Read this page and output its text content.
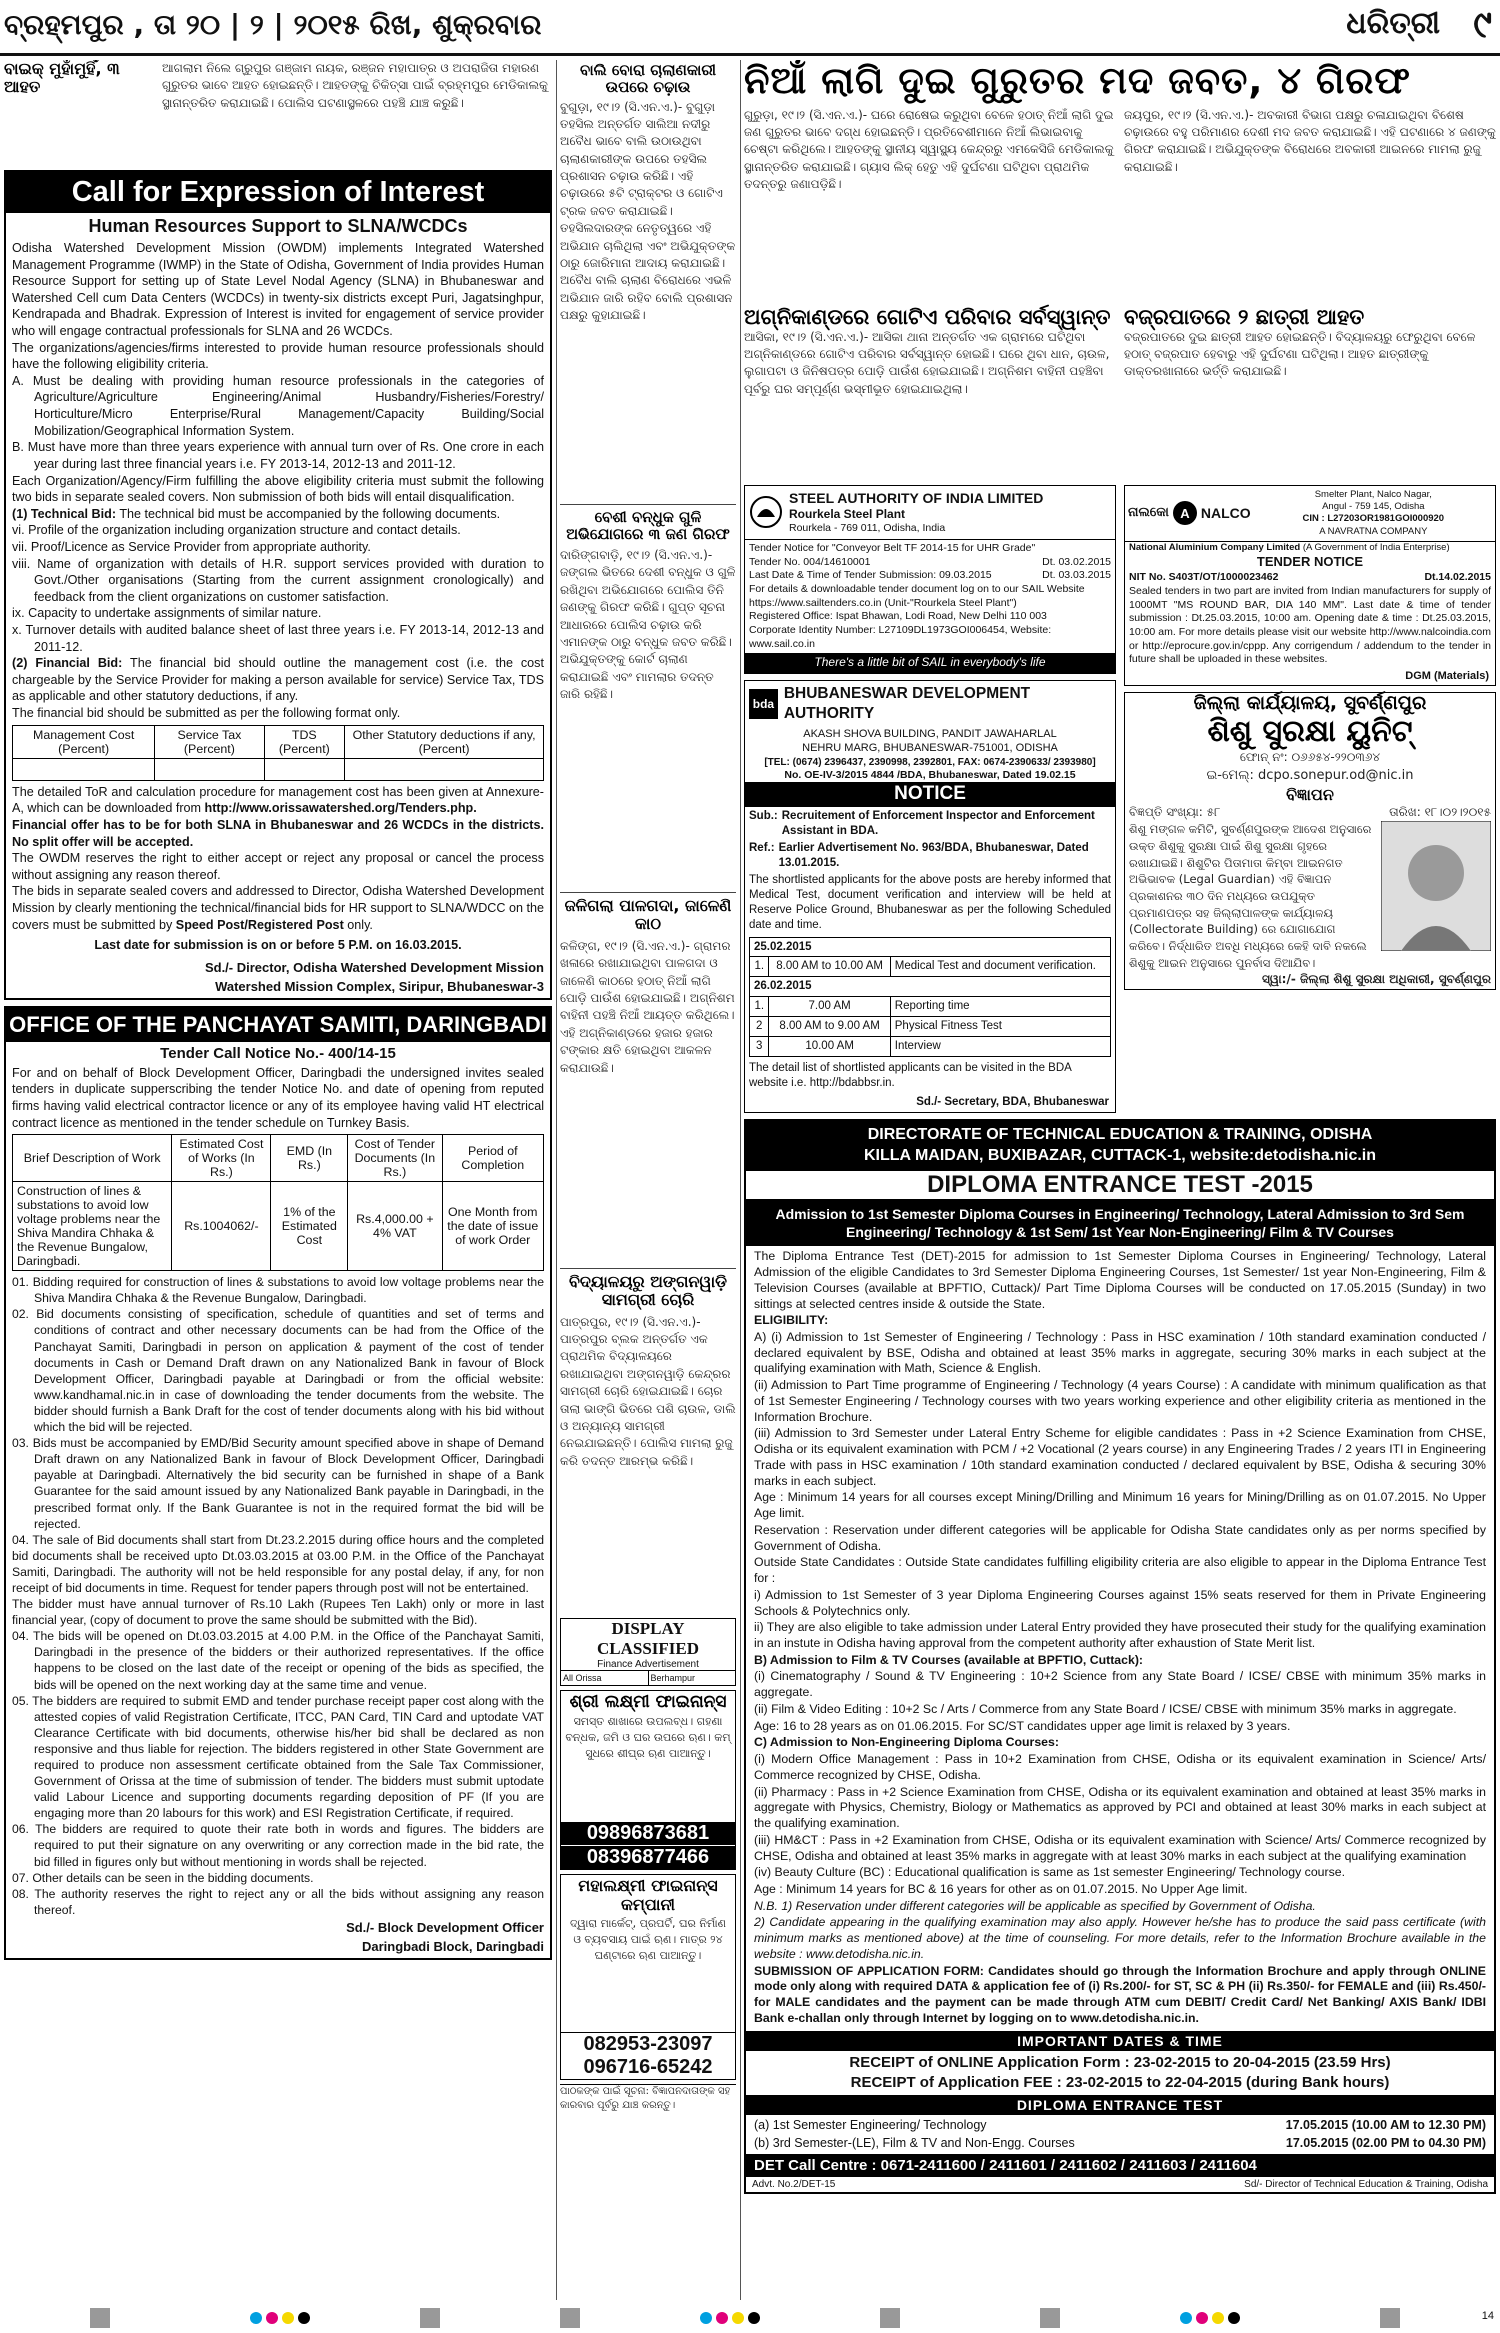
ବ୍ରହ୍ମପୁର , ତା ୨୦ | ୨ | ୨୦୧୫ ରିଖ, ଶୁକ୍ରବାର	ଧରିତ୍ରୀ ୯
ବାଇକ୍ ମୁହାଁମୁହିଁ, ୩ ଆହତ
ଆଗଲାମ ନିଲେ ଗ୍ରୁପୁର ଗଞ୍ଜାମ ନାୟକ, ରଞ୍ଜନ ମହାପାତ୍ର ଓ ଅପରାଜିତା ମହାରଣ ଗୁରୁତର ଭାବେ ଆହତ ହୋଇଛନ୍ତି। ଆହତଙ୍କୁ ଚିକିତ୍ସା ପାଇଁ ବ୍ରହ୍ମପୁର ମେଡିକାଲକୁ ସ୍ଥାନାନ୍ତରିତ କରାଯାଇଛି। ପୋଲିସ ଘଟଣାସ୍ଥଳରେ ପହଞ୍ଚି ଯାଞ୍ଚ କରୁଛି।
Call for Expression of Interest
Human Resources Support to SLNA/WCDCs

Odisha Watershed Development Mission (OWDM) implements Integrated Watershed Management Programme (IWMP) in the State of Odisha, Government of India provides Human Resource Support for setting up of State Level Nodal Agency (SLNA) in Bhubaneswar and Watershed Cell cum Data Centers (WCDCs) in twenty-six districts except Puri, Jagatsinghpur, Kendrapada and Bhadrak. Expression of Interest is invited for engagement of service provider who will engage contractual professionals for SLNA and 26 WCDCs.

The organizations/agencies/firms interested to provide human resource professionals should have the following eligibility criteria.

A. Must be dealing with providing human resource professionals in the categories of Agriculture/Agriculture Engineering/Animal Husbandry/Fisheries/Forestry/ Horticulture/Micro Enterprise/Rural Management/Capacity Building/Social Mobilization/Geographical Information System.

B. Must have more than three years experience with annual turn over of Rs. One crore in each year during last three financial years i.e. FY 2013-14, 2012-13 and 2011-12.

Each Organization/Agency/Firm fulfilling the above eligibility criteria must submit the following two bids in separate sealed covers. Non submission of both bids will entail disqualification.

(1) Technical Bid: The technical bid must be accompanied by the following documents.

vi. Profile of the organization including organization structure and contact details.

vii. Proof/Licence as Service Provider from appropriate authority.

viii. Name of organization with details of H.R. support services provided with duration to Govt./Other organisations (Starting from the current assignment cronologically) and feedback from the client organizations on customer satisfaction.

ix. Capacity to undertake assignments of similar nature.

x. Turnover details with audited balance sheet of last three years i.e. FY 2013-14, 2012-13 and 2011-12.

(2) Financial Bid: The financial bid should outline the management cost (i.e. the cost chargeable by the Service Provider for making a person available for service) Service Tax, TDS as applicable and other statutory deductions, if any.

The financial bid should be submitted as per the following format only.

Management Cost (Percent)	Service Tax (Percent)	TDS (Percent)	Other Statutory deductions if any, (Percent)

The detailed ToR and calculation procedure for management cost has been given at Annexure-A, which can be downloaded from http://www.orissawatershed.org/Tenders.php.

Financial offer has to be for both SLNA in Bhubaneswar and 26 WCDCs in the districts. No split offer will be accepted.

The OWDM reserves the right to either accept or reject any proposal or cancel the process without assigning any reason thereof.

The bids in separate sealed covers and addressed to Director, Odisha Watershed Development Mission by clearly mentioning the technical/financial bids for HR support to SLNA/WDCC on the covers must be submitted by Speed Post/Registered Post only.

Last date for submission is on or before 5 P.M. on 16.03.2015.

Sd./- Director, Odisha Watershed Development Mission
Watershed Mission Complex, Siripur, Bhubaneswar-3
OFFICE OF THE PANCHAYAT SAMITI, DARINGBADI
Tender Call Notice No.- 400/14-15

For and on behalf of Block Development Officer, Daringbadi the undersigned invites sealed tenders in duplicate supperscribing the tender Notice No. and date of opening from reputed firms having valid electrical contractor licence or any of its employee having valid HT electrical contract licence as mentioned in the tender schedule on Turnkey Basis.

Brief Description of Work	Estimated Cost of Works (In Rs.)	EMD (In Rs.)	Cost of Tender Documents (In Rs.)	Period of Completion
Construction of lines & substations to avoid low voltage problems near the Shiva Mandira Chhaka & the Revenue Bungalow, Daringbadi.	Rs.1004062/-	1% of the Estimated Cost	Rs.4,000.00 + 4% VAT	One Month from the date of issue of work Order

01. Bidding required for construction of lines & substations to avoid low voltage problems near the Shiva Mandira Chhaka & the Revenue Bungalow, Daringbadi.

02. Bid documents consisting of specification, schedule of quantities and set of terms and conditions of contract and other necessary documents can be had from the Office of the Panchayat Samiti, Daringbadi in person on application & payment of the cost of tender documents in Cash or Demand Draft drawn on any Nationalized Bank in favour of Block Development Officer, Daringbadi payable at Daringbadi or from the official website: www.kandhamal.nic.in in case of downloading the tender documents from the website. The bidder should furnish a Bank Draft for the cost of tender documents along with his bid without which the bid will be rejected.

03. Bids must be accompanied by EMD/Bid Security amount specified above in shape of Demand Draft drawn on any Nationalized Bank in favour of Block Development Officer, Daringbadi payable at Daringbadi. Alternatively the bid security can be furnished in shape of a Bank Guarantee for the said amount issued by any Nationalized Bank payable in Daringbadi, in the prescribed format only. If the Bank Guarantee is not in the required format the bid will be rejected.

04. The sale of Bid documents shall start from Dt.23.2.2015 during office hours and the completed bid documents shall be received upto Dt.03.03.2015 at 03.00 P.M. in the Office of the Panchayat Samiti, Daringbadi. The authority will not be held responsible for any postal delay, if any, for non receipt of bid documents in time. Request for tender papers through post will not be entertained.

The bidder must have annual turnover of Rs.10 Lakh (Rupees Ten Lakh) only or more in last financial year, (copy of document to prove the same should be submitted with the Bid).

04. The bids will be opened on Dt.03.03.2015 at 4.00 P.M. in the Office of the Panchayat Samiti, Daringbadi in the presence of the bidders or their authorized representatives. If the office happens to be closed on the last date of the receipt or opening of the bids as specified, the bids will be opened on the next working day at the same time and venue.

05. The bidders are required to submit EMD and tender purchase receipt paper cost along with the attested copies of valid Registration Certificate, ITCC, PAN Card, TIN Card and uptodate VAT Clearance Certificate with bid documents, otherwise his/her bid shall be declared as non responsive and thus liable for rejection. The bidders registered in other State Government are required to produce non assessment certificate obtained from the Sale Tax Commissioner, Government of Orissa at the time of submission of tender. The bidders must submit uptodate valid Labour Licence and supporting documents regarding deposition of PF (If you are engaging more than 20 labours for this work) and ESI Registration Certificate, if required.

06. The bidders are required to quote their rate both in words and figures. The bidders are required to put their signature on any overwriting or any correction made in the bid rate, the bid filled in figures only but without mentioning in words shall be rejected.

07. Other details can be seen in the bidding documents.

08. The authority reserves the right to reject any or all the bids without assigning any reason thereof.

Sd./- Block Development Officer
Daringbadi Block, Daringbadi
ବାଲି ବୋରା ଚାଲାଣକାରୀ ଉପରେ ଚଢ଼ାଉ
ବୁଗୁଡ଼ା, ୧୯।୨ (ସି.ଏନ.ଏ.)- ବୁଗୁଡ଼ା ତହସିଲ ଅନ୍ତର୍ଗତ ସାଲିଆ ନଦୀରୁ ଅବୈଧ ଭାବେ ବାଲି ଉଠାଉଥିବା ଚାଲାଣକାରୀଙ୍କ ଉପରେ ତହସିଲ ପ୍ରଶାସନ ଚଢ଼ାଉ କରିଛି। ଏହି ଚଢ଼ାଉରେ ୫ଟି ଟ୍ରାକ୍ଟର ଓ ଗୋଟିଏ ଟ୍ରକ ଜବତ କରାଯାଇଛି। ତହସିଲଦାରଙ୍କ ନେତୃତ୍ୱରେ ଏହି ଅଭିଯାନ ଚାଲିଥିଲା ଏବଂ ଅଭିଯୁକ୍ତଙ୍କ ଠାରୁ ଜୋରିମାନା ଆଦାୟ କରାଯାଇଛି। ଅବୈଧ ବାଲି ଚାଲାଣ ବିରୋଧରେ ଏଭଳି ଅଭିଯାନ ଜାରି ରହିବ ବୋଲି ପ୍ରଶାସନ ପକ୍ଷରୁ କୁହାଯାଇଛି।
ବେଶୀ ବନ୍ଧୁକ ଗୁଳି ଅଭିଯୋଗରେ ୩ ଜଣ ଗିରଫ
ଦାରିଙ୍ଗବାଡ଼ି, ୧୯।୨ (ସି.ଏନ.ଏ.)- ଜଙ୍ଗଲ ଭିତରେ ଦେଶୀ ବନ୍ଧୁକ ଓ ଗୁଳି ରଖିଥିବା ଅଭିଯୋଗରେ ପୋଲିସ ତିନି ଜଣଙ୍କୁ ଗିରଫ କରିଛି। ଗୁପ୍ତ ସୂଚନା ଆଧାରରେ ପୋଲିସ ଚଢ଼ାଉ କରି ଏମାନଙ୍କ ଠାରୁ ବନ୍ଧୁକ ଜବତ କରିଛି। ଅଭିଯୁକ୍ତଙ୍କୁ କୋର୍ଟ ଚାଲାଣ କରାଯାଇଛି ଏବଂ ମାମଲାର ତଦନ୍ତ ଜାରି ରହିଛି।
ଜଳିଗଲା ପାଳଗଦା, ଜାଳେଣି କାଠ
କଳିଙ୍ଗ, ୧୯।୨ (ସି.ଏନ.ଏ.)- ଗ୍ରାମର ଖଳାରେ ରଖାଯାଇଥିବା ପାଳଗଦା ଓ ଜାଳେଣି କାଠରେ ହଠାତ୍ ନିଆଁ ଲାଗି ପୋଡ଼ି ପାଉଁଶ ହୋଇଯାଇଛି। ଅଗ୍ନିଶମ ବାହିନୀ ପହଞ୍ଚି ନିଆଁ ଆୟତ୍ତ କରିଥିଲେ। ଏହି ଅଗ୍ନିକାଣ୍ଡରେ ହଜାର ହଜାର ଟଙ୍କାର କ୍ଷତି ହୋଇଥିବା ଆକଳନ କରାଯାଉଛି।
ବିଦ୍ୟାଳୟରୁ ଅଙ୍ଗନୱାଡ଼ି ସାମଗ୍ରୀ ଚୋରି
ପାତ୍ରପୁର, ୧୯।୨ (ସି.ଏନ.ଏ.)- ପାତ୍ରପୁର ବ୍ଲକ ଅନ୍ତର୍ଗତ ଏକ ପ୍ରାଥମିକ ବିଦ୍ୟାଳୟରେ ରଖାଯାଇଥିବା ଅଙ୍ଗନୱାଡ଼ି କେନ୍ଦ୍ରର ସାମଗ୍ରୀ ଚୋରି ହୋଇଯାଇଛି। ଚୋର ତାଲା ଭାଙ୍ଗି ଭିତରେ ପଶି ଚାଉଳ, ଡାଲି ଓ ଅନ୍ୟାନ୍ୟ ସାମଗ୍ରୀ ନେଇଯାଇଛନ୍ତି। ପୋଲିସ ମାମଲା ରୁଜୁ କରି ତଦନ୍ତ ଆରମ୍ଭ କରିଛି।
DISPLAY CLASSIFIED
Finance Advertisement
All Orissa	Berhampur
ଶ୍ରୀ ଲକ୍ଷ୍ମୀ ଫାଇନାନ୍ସ
ସମସ୍ତ ଶାଖାରେ ଉପଲବ୍ଧ। ଗହଣା ବନ୍ଧକ, ଜମି ଓ ଘର ଉପରେ ଋଣ। କମ୍ ସୁଧରେ ଶୀଘ୍ର ଋଣ ପାଆନ୍ତୁ।
09896873681
08396877466
ମହାଲକ୍ଷ୍ମୀ ଫାଇନାନ୍ସ କମ୍ପାନୀ
ଦ୍ୱାରା ମାର୍କେଟ୍, ପ୍ରପର୍ଟି, ଘର ନିର୍ମାଣ ଓ ବ୍ୟବସାୟ ପାଇଁ ଋଣ। ମାତ୍ର ୨୪ ଘଣ୍ଟାରେ ଋଣ ପାଆନ୍ତୁ।
082953-23097
096716-65242
ପାଠକଙ୍କ ପାଇଁ ସୂଚନା: ବିଜ୍ଞାପନଦାତାଙ୍କ ସହ କାରବାର ପୂର୍ବରୁ ଯାଞ୍ଚ କରନ୍ତୁ।
ନିଆଁ ଲାଗି ଦୁଇ ଗୁରୁତର ମଦ ଜବତ, ୪ ଗିରଫ
ଗୁରୁଡ଼ା, ୧୯।୨ (ସି.ଏନ.ଏ.)- ଘରେ ରୋଷେଇ କରୁଥିବା ବେଳେ ହଠାତ୍ ନିଆଁ ଲାଗି ଦୁଇ ଜଣ ଗୁରୁତର ଭାବେ ଦଗ୍ଧ ହୋଇଛନ୍ତି। ପ୍ରତିବେଶୀମାନେ ନିଆଁ ଲିଭାଇବାକୁ ଚେଷ୍ଟା କରିଥିଲେ। ଆହତଙ୍କୁ ସ୍ଥାନୀୟ ସ୍ୱାସ୍ଥ୍ୟ କେନ୍ଦ୍ରରୁ ଏମକେସିଜି ମେଡିକାଲକୁ ସ୍ଥାନାନ୍ତରିତ କରାଯାଇଛି। ଗ୍ୟାସ ଲିକ୍ ହେତୁ ଏହି ଦୁର୍ଘଟଣା ଘଟିଥିବା ପ୍ରାଥମିକ ତଦନ୍ତରୁ ଜଣାପଡ଼ିଛି।
ଜୟପୁର, ୧୯।୨ (ସି.ଏନ.ଏ.)- ଅବକାରୀ ବିଭାଗ ପକ୍ଷରୁ ଚଳାଯାଇଥିବା ବିଶେଷ ଚଢ଼ାଉରେ ବହୁ ପରିମାଣର ଦେଶୀ ମଦ ଜବତ କରାଯାଇଛି। ଏହି ଘଟଣାରେ ୪ ଜଣଙ୍କୁ ଗିରଫ କରାଯାଇଛି। ଅଭିଯୁକ୍ତଙ୍କ ବିରୋଧରେ ଅବକାରୀ ଆଇନରେ ମାମଲା ରୁଜୁ କରାଯାଇଛି।
ଅଗ୍ନିକାଣ୍ଡରେ ଗୋଟିଏ ପରିବାର ସର୍ବସ୍ୱାନ୍ତ
ଆସିକା, ୧୯।୨ (ସି.ଏନ.ଏ.)- ଆସିକା ଥାନା ଅନ୍ତର୍ଗତ ଏକ ଗ୍ରାମରେ ଘଟିଥିବା ଅଗ୍ନିକାଣ୍ଡରେ ଗୋଟିଏ ପରିବାର ସର୍ବସ୍ୱାନ୍ତ ହୋଇଛି। ଘରେ ଥିବା ଧାନ, ଚାଉଳ, ଲୁଗାପଟା ଓ ଜିନିଷପତ୍ର ପୋଡ଼ି ପାଉଁଶ ହୋଇଯାଇଛି। ଅଗ୍ନିଶମ ବାହିନୀ ପହଞ୍ଚିବା ପୂର୍ବରୁ ଘର ସମ୍ପୂର୍ଣ୍ଣ ଭସ୍ମୀଭୂତ ହୋଇଯାଇଥିଲା।
ବଜ୍ରପାତରେ ୨ ଛାତ୍ରୀ ଆହତ
ବଜ୍ରପାତରେ ଦୁଇ ଛାତ୍ରୀ ଆହତ ହୋଇଛନ୍ତି। ବିଦ୍ୟାଳୟରୁ ଫେରୁଥିବା ବେଳେ ହଠାତ୍ ବଜ୍ରପାତ ହେବାରୁ ଏହି ଦୁର୍ଘଟଣା ଘଟିଥିଲା। ଆହତ ଛାତ୍ରୀଙ୍କୁ ଡାକ୍ତରଖାନାରେ ଭର୍ତ୍ତି କରାଯାଇଛି।
STEEL AUTHORITY OF INDIA LIMITED
Rourkela Steel Plant
Rourkela - 769 011, Odisha, India
Tender Notice for "Conveyor Belt TF 2014-15 for UHR Grade"
Tender No. 004/14610001	Dt. 03.02.2015
Last Date & Time of Tender Submission: 09.03.2015	Dt. 03.03.2015
For details & downloadable tender document log on to our SAIL Website https://www.sailtenders.co.in (Unit-"Rourkela Steel Plant")
Registered Office: Ispat Bhawan, Lodi Road, New Delhi 110 003
Corporate Identity Number: L27109DL1973GOI006454, Website: www.sail.co.in
There's a little bit of SAIL in everybody's life
bda
BHUBANESWAR DEVELOPMENT AUTHORITY
AKASH SHOVA BUILDING, PANDIT JAWAHARLAL
NEHRU MARG, BHUBANESWAR-751001, ODISHA
[TEL: (0674) 2396437, 2390998, 2392801, FAX: 0674-2390633/ 2393980]
No. OE-IV-3/2015 4844 /BDA, Bhubaneswar, Dated 19.02.15
NOTICE
Sub.: Recruitement of Enforcement Inspector and Enforcement Assistant in BDA.
Ref.: Earlier Advertisement No. 963/BDA, Bhubaneswar, Dated 13.01.2015.
The shortlisted applicants for the above posts are hereby informed that Medical Test, document verification and interview will be held at Reserve Police Ground, Bhubaneswar as per the following Scheduled date and time.
25.02.2015		
1.	8.00 AM to 10.00 AM	Medical Test and document verification.
26.02.2015		
1.	7.00 AM	Reporting time
2	8.00 AM to 9.00 AM	Physical Fitness Test
3	10.00 AM	Interview
The detail list of shortlisted applicants can be visited in the BDA website i.e. http://bdabbsr.in.
Sd./- Secretary, BDA, Bhubaneswar
ନାଲକୋ A NALCO
Smelter Plant, Nalco Nagar,
Angul - 759 145, Odisha
CIN : L27203OR1981GOI000920
A NAVRATNA COMPANY
National Aluminium Company Limited (A Government of India Enterprise)
TENDER NOTICE
NIT No. S403T/OT/1000023462	Dt.14.02.2015
Sealed tenders in two part are invited from Indian manufacturers for supply of 1000MT "MS ROUND BAR, DIA 140 MM". Last date & time of tender submission : Dt.25.03.2015, 10:00 am. Opening date & time : Dt.25.03.2015, 10:00 am. For more details please visit our website http://www.nalcoindia.com or http://eprocure.gov.in/cppp. Any corrigendum / addendum to the tender in future shall be uploaded in these websites.
DGM (Materials)
ଜିଲ୍ଲା କାର୍ଯ୍ୟାଳୟ, ସୁବର୍ଣ୍ଣପୁର
ଶିଶୁ ସୁରକ୍ଷା ୟୁନିଟ୍
ଫୋନ୍ ନଂ: ୦୬୬୫୪-୨୨୦୩୬୪
ଇ-ମେଲ୍: dcpo.sonepur.od@nic.in
ବିଜ୍ଞାପନ
ବିଜ୍ଞପ୍ତି ସଂଖ୍ୟା: ୫୮	ତାରିଖ: ୧୮।୦୨।୨୦୧୫
ଶିଶୁ ମଙ୍ଗଳ କମିଟି, ସୁବର୍ଣ୍ଣପୁରଙ୍କ ଆଦେଶ ଅନୁସାରେ ଉକ୍ତ ଶିଶୁକୁ ସୁରକ୍ଷା ପାଇଁ ଶିଶୁ ସୁରକ୍ଷା ଗୃହରେ ରଖାଯାଇଛି। ଶିଶୁଟିର ପିତାମାତା କିମ୍ବା ଆଇନଗତ ଅଭିଭାବକ (Legal Guardian) ଏହି ବିଜ୍ଞାପନ ପ୍ରକାଶନର ୩୦ ଦିନ ମଧ୍ୟରେ ଉପଯୁକ୍ତ ପ୍ରମାଣପତ୍ର ସହ ଜିଲ୍ଲାପାଳଙ୍କ କାର୍ଯ୍ୟାଳୟ (Collectorate Building) ରେ ଯୋଗାଯୋଗ କରିବେ। ନିର୍ଦ୍ଧାରିତ ଅବଧି ମଧ୍ୟରେ କେହି ଦାବି ନକଲେ ଶିଶୁକୁ ଆଇନ ଅନୁସାରେ ପୁନର୍ବାସ ଦିଆଯିବ।
ସ୍ୱା:/- ଜିଲ୍ଲା ଶିଶୁ ସୁରକ୍ଷା ଅଧିକାରୀ, ସୁବର୍ଣ୍ଣପୁର
DIRECTORATE OF TECHNICAL EDUCATION & TRAINING, ODISHA
KILLA MAIDAN, BUXIBAZAR, CUTTACK-1, website:detodisha.nic.in
DIPLOMA ENTRANCE TEST -2015
Admission to 1st Semester Diploma Courses in Engineering/ Technology, Lateral Admission to 3rd Sem Engineering/ Technology & 1st Sem/ 1st Year Non-Engineering/ Film & TV Courses

The Diploma Entrance Test (DET)-2015 for admission to 1st Semester Diploma Courses in Engineering/ Technology, Lateral Admission of the eligible Candidates to 3rd Semester Diploma Engineering Courses, 1st Semester/ 1st year Non-Engineering, Film & Television Courses (available at BPFTIO, Cuttack)/ Part Time Diploma Courses will be conducted on 17.05.2015 (Sunday) in two sittings at selected centres inside & outside the State.

ELIGIBILITY:

A) (i) Admission to 1st Semester of Engineering / Technology : Pass in HSC examination / 10th standard examination conducted / declared equivalent by BSE, Odisha and obtained at least 35% marks in aggregate, securing 30% marks in each subject at the qualifying examination with Math, Science & English.

(ii) Admission to Part Time programme of Engineering / Technology (4 years Course) : A candidate with minimum qualification as that of 1st Semester Engineering / Technology courses with two years working experience and other eligibility criteria as mentioned in the Information Brochure.

(iii) Admission to 3rd Semester under Lateral Entry Scheme for eligible candidates : Pass in +2 Science Examination from CHSE, Odisha or its equivalent examination with PCM / +2 Vocational (2 years course) in any Engineering Trades / 2 years ITI in Engineering Trade with pass in HSC examination / 10th standard examination conducted / declared equivalent by BSE, Odisha & securing 30% marks in each subject.

Age : Minimum 14 years for all courses except Mining/Drilling and Minimum 16 years for Mining/Drilling as on 01.07.2015. No Upper Age limit.

Reservation : Reservation under different categories will be applicable for Odisha State candidates only as per norms specified by Government of Odisha.

Outside State Candidates : Outside State candidates fulfilling eligibility criteria are also eligible to appear in the Diploma Entrance Test for :

i) Admission to 1st Semester of 3 year Diploma Engineering Courses against 15% seats reserved for them in Private Engineering Schools & Polytechnics only.

ii) They are also eligible to take admission under Lateral Entry provided they have prosecuted their study for the qualifying examination in an instute in Odisha having approval from the competent authority after exhaustion of State Merit list.

B) Admission to Film & TV Courses (available at BPFTIO, Cuttack):

(i) Cinematography / Sound & TV Engineering : 10+2 Science from any State Board / ICSE/ CBSE with minimum 35% marks in aggregate.

(ii) Film & Video Editing : 10+2 Sc / Arts / Commerce from any State Board / ICSE/ CBSE with minimum 35% marks in aggregate.

Age: 16 to 28 years as on 01.06.2015. For SC/ST candidates upper age limit is relaxed by 3 years.

C) Admission to Non-Engineering Diploma Courses:

(i) Modern Office Management : Pass in 10+2 Examination from CHSE, Odisha or its equivalent examination in Science/ Arts/ Commerce recognized by CHSE, Odisha.

(ii) Pharmacy : Pass in +2 Science Examination from CHSE, Odisha or its equivalent examination and obtained at least 35% marks in aggregate with Physics, Chemistry, Biology or Mathematics as approved by PCI and obtained at least 30% marks in each subject at the qualifying examination.

(iii) HM&CT : Pass in +2 Examination from CHSE, Odisha or its equivalent examination with Science/ Arts/ Commerce recognized by CHSE, Odisha and obtained at least 35% marks in aggregate with at least 30% marks in each subject at the qualifying examination

(iv) Beauty Culture (BC) : Educational qualification is same as 1st semester Engineering/ Technology course.

Age : Minimum 14 years for BC & 16 years for other as on 01.07.2015. No Upper Age limit.

N.B. 1) Reservation under different categories will be applicable as specified by Government of Odisha.

2) Candidate appearing in the qualifying examination may also apply. However he/she has to produce the said pass certificate (with minimum marks as mentioned above) at the time of counseling. For more details, refer to the Information Brochure available in the website : www.detodisha.nic.in.

SUBMISSION OF APPLICATION FORM: Candidates should go through the Information Brochure and apply through ONLINE mode only along with required DATA & application fee of (i) Rs.200/- for ST, SC & PH (ii) Rs.350/- for FEMALE and (iii) Rs.450/- for MALE candidates and the payment can be made through ATM cum DEBIT/ Credit Card/ Net Banking/ AXIS Bank/ IDBI Bank e-challan only through Internet by logging on to www.detodisha.nic.in.

IMPORTANT DATES & TIME
RECEIPT of ONLINE Application Form : 23-02-2015 to 20-04-2015 (23.59 Hrs)
RECEIPT of Application FEE : 23-02-2015 to 22-04-2015 (during Bank hours)
DIPLOMA ENTRANCE TEST
(a) 1st Semester Engineering/ Technology	17.05.2015 (10.00 AM to 12.30 PM)
(b) 3rd Semester-(LE), Film & TV and Non-Engg. Courses	17.05.2015 (02.00 PM to 04.30 PM)
DET Call Centre : 0671-2411600 / 2411601 / 2411602 / 2411603 / 2411604
Advt. No.2/DET-15	Sd/- Director of Technical Education & Training, Odisha
14
